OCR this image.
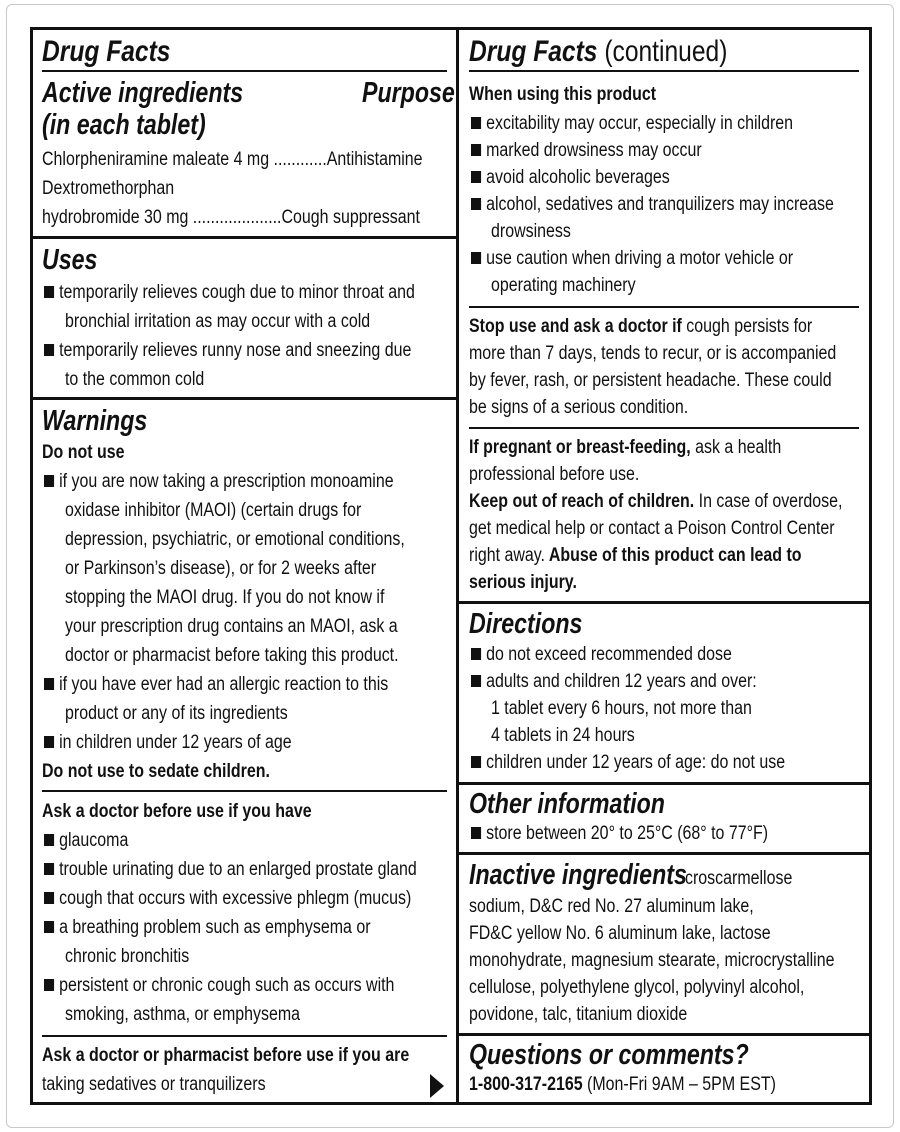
Drug Facts
Active ingredients
(in each tablet)
Purpose
Chlorpheniramine maleate 4 mg ............Antihistamine
Dextromethorphan
hydrobromide 30 mg ....................Cough suppressant
Uses
temporarily relieves cough due to minor throat and
bronchial irritation as may occur with a cold
temporarily relieves runny nose and sneezing due
to the common cold
Warnings
Do not use
if you are now taking a prescription monoamine
oxidase inhibitor (MAOI) (certain drugs for
depression, psychiatric, or emotional conditions,
or Parkinson’s disease), or for 2 weeks after
stopping the MAOI drug. If you do not know if
your prescription drug contains an MAOI, ask a
doctor or pharmacist before taking this product.
if you have ever had an allergic reaction to this
product or any of its ingredients
in children under 12 years of age
Do not use to sedate children.
Ask a doctor before use if you have
glaucoma
trouble urinating due to an enlarged prostate gland
cough that occurs with excessive phlegm (mucus)
a breathing problem such as emphysema or
chronic bronchitis
persistent or chronic cough such as occurs with
smoking, asthma, or emphysema
Ask a doctor or pharmacist before use if you are
taking sedatives or tranquilizers
Drug Facts (continued)
When using this product
excitability may occur, especially in children
marked drowsiness may occur
avoid alcoholic beverages
alcohol, sedatives and tranquilizers may increase
drowsiness
use caution when driving a motor vehicle or
operating machinery
Stop use and ask a doctor if cough persists for
more than 7 days, tends to recur, or is accompanied
by fever, rash, or persistent headache. These could
be signs of a serious condition.
If pregnant or breast-feeding, ask a health
professional before use.
Keep out of reach of children. In case of overdose,
get medical help or contact a Poison Control Center
right away. Abuse of this product can lead to
serious injury.
Directions
do not exceed recommended dose
adults and children 12 years and over:
1 tablet every 6 hours, not more than
4 tablets in 24 hours
children under 12 years of age: do not use
Other information
store between 20° to 25°C (68° to 77°F)
Inactive ingredients
croscarmellose
sodium, D&C red No. 27 aluminum lake,
FD&C yellow No. 6 aluminum lake, lactose
monohydrate, magnesium stearate, microcrystalline
cellulose, polyethylene glycol, polyvinyl alcohol,
povidone, talc, titanium dioxide
Questions or comments?
1-800-317-2165 (Mon-Fri 9AM – 5PM EST)
